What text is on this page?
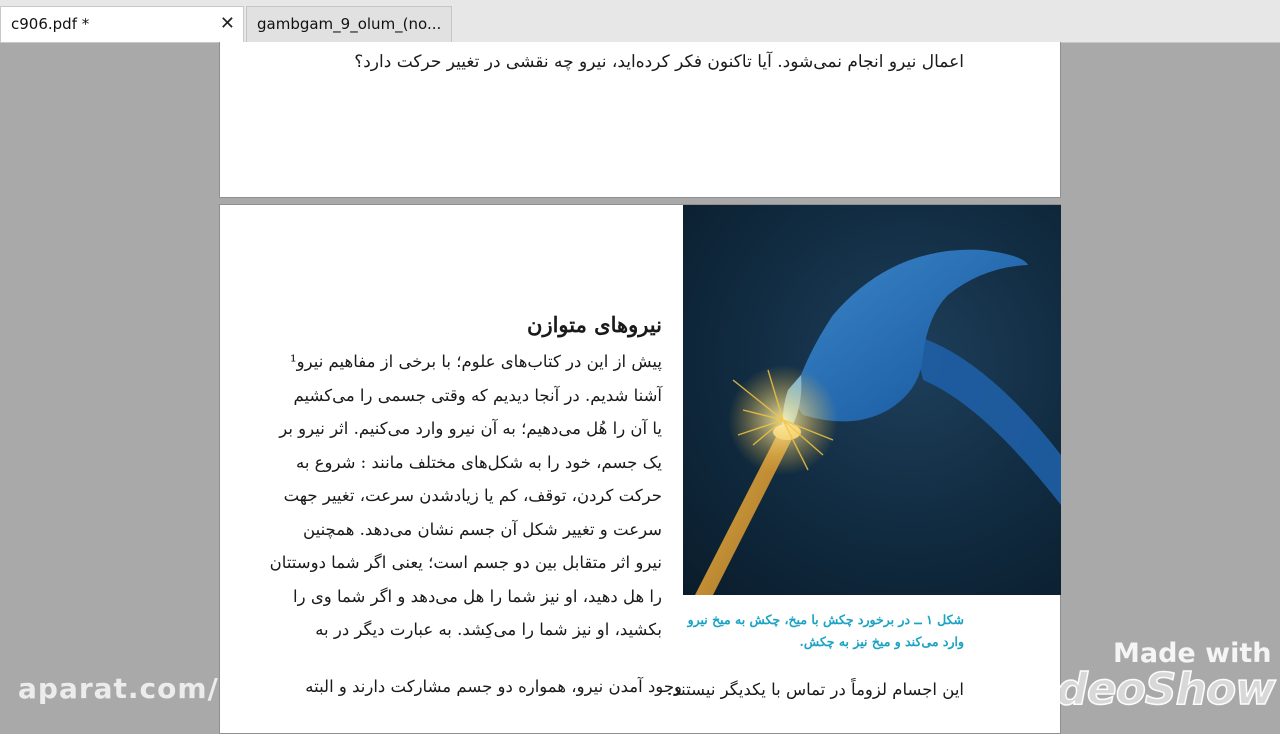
c906.pdf *	✕	gambgam_9_olum_(no...
اعمال نیرو انجام نمی‌شود. آیا تاکنون فکر کرده‌اید، نیرو چه نقشی در تغییر حرکت دارد؟
شکل ۱ ــ در برخورد چکش با میخ، چکش به میخ نیرو وارد می‌کند و میخ نیز به چکش.
نیروهای متوازن
پیش از این در کتاب‌های علوم؛ با برخی از مفاهیم نیرو¹
آشنا شدیم. در آنجا دیدیم که وقتی جسمی را می‌کشیم
یا آن را هُل می‌دهیم؛ به آن نیرو وارد می‌کنیم. اثر نیرو بر
یک جسم، خود را به شکل‌های مختلف مانند : شروع به
حرکت کردن، توقف، کم یا زیادشدن سرعت، تغییر جهت
سرعت و تغییر شکل آن جسم نشان می‌دهد. همچنین
نیرو اثر متقابل بین دو جسم است؛ یعنی اگر شما دوستتان
را هل دهید، او نیز شما را هل می‌دهد و اگر شما وی را
بکشید، او نیز شما را می‌کِشد. به عبارت دیگر در به
وجود آمدن نیرو، همواره دو جسم مشارکت دارند و البته
این اجسام لزوماً در تماس با یکدیگر نیستند.
aparat.com/
Made with
VideoShow
